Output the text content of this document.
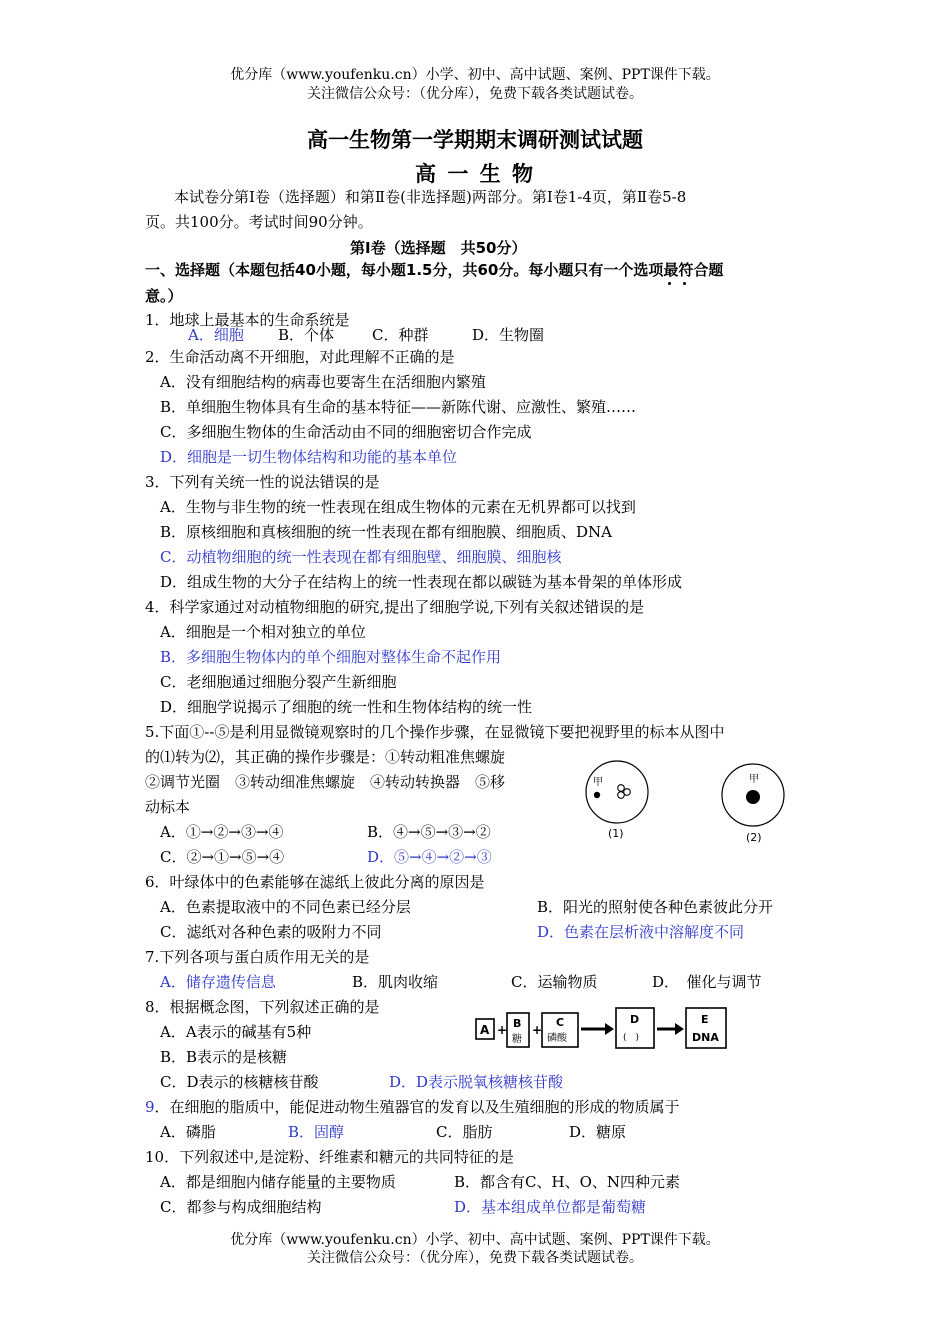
优分库（www.youfenku.cn）小学、初中、高中试题、案例、PPT课件下载。
关注微信公众号：（优分库），免费下载各类试题试卷。
高一生物第一学期期末调研测试试题
高 一 生 物
本试卷分第Ⅰ卷（选择题）和第Ⅱ卷(非选择题)两部分。第Ⅰ卷1-4页，第Ⅱ卷5-8
页。共100分。考试时间90分钟。
第Ⅰ卷（选择题　共50分）
一、选择题（本题包括40小题，每小题1.5分，共60分。每小题只有一个选项最符合题
意。）
1．地球上最基本的生命系统是
A．细胞 B．个体	C．种群	D．生物圈
2．生命活动离不开细胞，对此理解不正确的是
A．没有细胞结构的病毒也要寄生在活细胞内繁殖
B．单细胞生物体具有生命的基本特征——新陈代谢、应激性、繁殖……
C．多细胞生物体的生命活动由不同的细胞密切合作完成
D．细胞是一切生物体结构和功能的基本单位
3．下列有关统一性的说法错误的是
A．生物与非生物的统一性表现在组成生物体的元素在无机界都可以找到
B．原核细胞和真核细胞的统一性表现在都有细胞膜、细胞质、DNA
C．动植物细胞的统一性表现在都有细胞壁、细胞膜、细胞核
D．组成生物的大分子在结构上的统一性表现在都以碳链为基本骨架的单体形成
4．科学家通过对动植物细胞的研究,提出了细胞学说,下列有关叙述错误的是
A．细胞是一个相对独立的单位
B．多细胞生物体内的单个细胞对整体生命不起作用
C．老细胞通过细胞分裂产生新细胞
D．细胞学说揭示了细胞的统一性和生物体结构的统一性
5.下面①--⑤是利用显微镜观察时的几个操作步骤，在显微镜下要把视野里的标本从图中
的⑴转为⑵，其正确的操作步骤是：①转动粗准焦螺旋
②调节光圈　③转动细准焦螺旋　④转动转换器　⑤移
动标本
A．①→②→③→④	B．④→⑤→③→②
C．②→①→⑤→④	D．⑤→④→②→③
甲
(1)
甲
(2)
6．叶绿体中的色素能够在滤纸上彼此分离的原因是
A．色素提取液中的不同色素已经分层	B．阳光的照射使各种色素彼此分开
C．滤纸对各种色素的吸附力不同	D．色素在层析液中溶解度不同
7.下列各项与蛋白质作用无关的是
A．储存遗传信息	B．肌肉收缩	C．运输物质	D．　催化与调节
8．根据概念图，下列叙述正确的是
A．A表示的碱基有5种
B．B表示的是核糖
C．D表示的核糖核苷酸	D．D表示脱氧核糖核苷酸
A + B
糖
+
C
磷酸
D
(　)
E
DNA
9．在细胞的脂质中，能促进动物生殖器官的发育以及生殖细胞的形成的物质属于
A．磷脂	B．固醇	C．脂肪	D．糖原
10．下列叙述中,是淀粉、纤维素和糖元的共同特征的是
A．都是细胞内储存能量的主要物质	B．都含有C、H、O、N四种元素
C．都参与构成细胞结构	D．基本组成单位都是葡萄糖
优分库（www.youfenku.cn）小学、初中、高中试题、案例、PPT课件下载。
关注微信公众号：（优分库），免费下载各类试题试卷。
